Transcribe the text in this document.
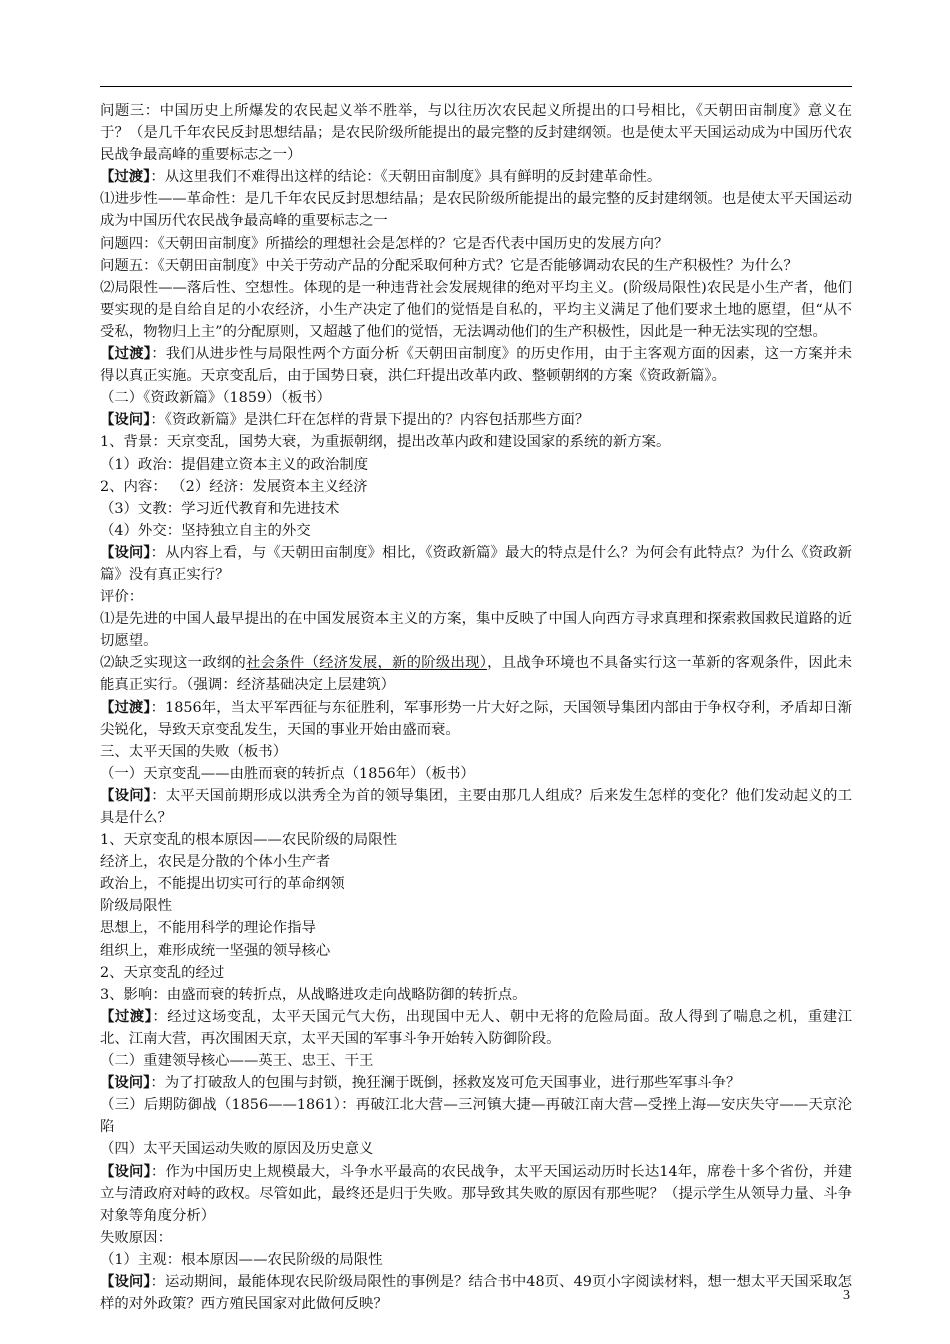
问题三：中国历史上所爆发的农民起义举不胜举，与以往历次农民起义所提出的口号相比，《天朝田亩制度》意义在于？（是几千年农民反封思想结晶；是农民阶级所能提出的最完整的反封建纲领。也是使太平天国运动成为中国历代农民战争最高峰的重要标志之一）

【过渡】：从这里我们不难得出这样的结论：《天朝田亩制度》具有鲜明的反封建革命性。

⑴进步性——革命性：是几千年农民反封思想结晶；是农民阶级所能提出的最完整的反封建纲领。也是使太平天国运动成为中国历代农民战争最高峰的重要标志之一

问题四：《天朝田亩制度》所描绘的理想社会是怎样的？它是否代表中国历史的发展方向？

问题五：《天朝田亩制度》中关于劳动产品的分配采取何种方式？它是否能够调动农民的生产积极性？为什么？

⑵局限性——落后性、空想性。体现的是一种违背社会发展规律的绝对平均主义。(阶级局限性)农民是小生产者，他们要实现的是自给自足的小农经济，小生产决定了他们的觉悟是自私的，平均主义满足了他们要求土地的愿望，但“从不受私，物物归上主”的分配原则，又超越了他们的觉悟，无法调动他们的生产积极性，因此是一种无法实现的空想。

【过渡】：我们从进步性与局限性两个方面分析《天朝田亩制度》的历史作用，由于主客观方面的因素，这一方案并未得以真正实施。天京变乱后，由于国势日衰，洪仁玕提出改革内政、整顿朝纲的方案《资政新篇》。

（二）《资政新篇》（1859）（板书）

【设问】：《资政新篇》是洪仁玕在怎样的背景下提出的？内容包括那些方面？

1、背景：天京变乱，国势大衰，为重振朝纲，提出改革内政和建设国家的系统的新方案。

（1）政治：提倡建立资本主义的政治制度

2、内容： （2）经济：发展资本主义经济

（3）文教：学习近代教育和先进技术

（4）外交：坚持独立自主的外交

【设问】：从内容上看，与《天朝田亩制度》相比，《资政新篇》最大的特点是什么？为何会有此特点？为什么《资政新篇》没有真正实行？

评价：

⑴是先进的中国人最早提出的在中国发展资本主义的方案，集中反映了中国人向西方寻求真理和探索救国救民道路的近切愿望。

⑵缺乏实现这一政纲的社会条件（经济发展，新的阶级出现），且战争环境也不具备实行这一革新的客观条件，因此未能真正实行。（强调：经济基础决定上层建筑）

【过渡】：1856年，当太平军西征与东征胜利，军事形势一片大好之际，天国领导集团内部由于争权夺利，矛盾却日渐尖锐化，导致天京变乱发生，天国的事业开始由盛而衰。

三、太平天国的失败（板书）

（一）天京变乱——由胜而衰的转折点（1856年）（板书）

【设问】：太平天国前期形成以洪秀全为首的领导集团，主要由那几人组成？后来发生怎样的变化？他们发动起义的工具是什么？

1、天京变乱的根本原因——农民阶级的局限性

经济上，农民是分散的个体小生产者

政治上，不能提出切实可行的革命纲领

阶级局限性

思想上，不能用科学的理论作指导

组织上，难形成统一坚强的领导核心

2、天京变乱的经过

3、影响：由盛而衰的转折点，从战略进攻走向战略防御的转折点。

【过渡】：经过这场变乱，太平天国元气大伤，出现国中无人、朝中无将的危险局面。敌人得到了喘息之机，重建江北、江南大营，再次围困天京，太平天国的军事斗争开始转入防御阶段。

（二）重建领导核心——英王、忠王、干王

【设问】：为了打破敌人的包围与封锁，挽狂澜于既倒，拯救岌岌可危天国事业，进行那些军事斗争？

（三）后期防御战（1856——1861）：再破江北大营—三河镇大捷—再破江南大营—受挫上海—安庆失守——天京沦陷

（四）太平天国运动失败的原因及历史意义

【设问】：作为中国历史上规模最大，斗争水平最高的农民战争，太平天国运动历时长达14年，席卷十多个省份，并建立与清政府对峙的政权。尽管如此，最终还是归于失败。那导致其失败的原因有那些呢？（提示学生从领导力量、斗争对象等角度分析）

失败原因：

（1）主观：根本原因——农民阶级的局限性

【设问】：运动期间，最能体现农民阶级局限性的事例是？结合书中48页、49页小字阅读材料，想一想太平天国采取怎样的对外政策？西方殖民国家对此做何反映？

3
